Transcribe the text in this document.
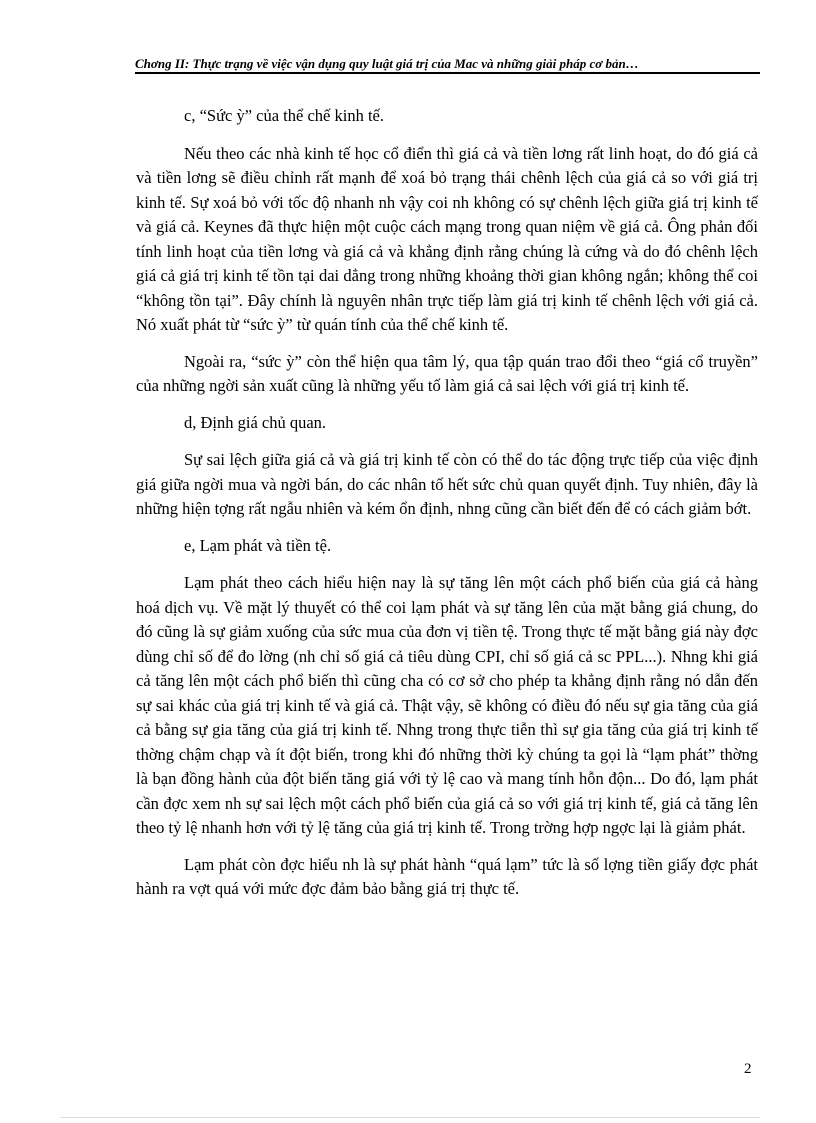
Chơng II: Thực trạng về việc vận dụng quy luật giá trị của Mac và những giải pháp cơ bản…

c, “Sức ỳ” của thể chế kinh tế.

Nếu theo các nhà kinh tế học cổ điển thì giá cả và tiền lơng rất linh hoạt, do đó giá cả và tiền lơng sẽ điều chỉnh rất mạnh để xoá bỏ trạng thái chênh lệch của giá cả so với giá trị kinh tế. Sự xoá bỏ với tốc độ nhanh nh vậy coi nh không có sự chênh lệch giữa giá trị kinh tế và giá cả. Keynes đã thực hiện một cuộc cách mạng trong quan niệm về giá cả. Ông phản đối tính linh hoạt của tiền lơng và giá cả và khẳng định rằng chúng là cứng và do đó chênh lệch giá cả giá trị kinh tế tồn tại dai dẳng trong những khoảng thời gian không ngắn; không thể coi “không tồn tại”. Đây chính là nguyên nhân trực tiếp làm giá trị kinh tế chênh lệch với giá cả. Nó xuất phát từ “sức ỳ” từ quán tính của thể chế kinh tế.

Ngoài ra, “sức ỳ” còn thể hiện qua tâm lý, qua tập quán trao đổi theo “giá cổ truyền” của những ngời sản xuất cũng là những yếu tố làm giá cả sai lệch với giá trị kinh tế.

d, Định giá chủ quan.

Sự sai lệch giữa giá cả và giá trị kinh tế còn có thể do tác động trực tiếp của việc định giá giữa ngời mua và ngời bán, do các nhân tố hết sức chủ quan quyết định. Tuy nhiên, đây là những hiện tợng rất ngẫu nhiên và kém ổn định, nhng cũng cần biết đến để có cách giảm bớt.

e, Lạm phát và tiền tệ.

Lạm phát theo cách hiểu hiện nay là sự tăng lên một cách phổ biến của giá cả hàng hoá dịch vụ. Về mặt lý thuyết có thể coi lạm phát và sự tăng lên của mặt bằng giá chung, do đó cũng là sự giảm xuống của sức mua của đơn vị tiền tệ. Trong thực tế mặt bằng giá này đợc dùng chỉ số để đo lờng (nh chỉ số giá cả tiêu dùng CPI, chỉ số giá cả sc PPL...). Nhng khi giá cả tăng lên một cách phổ biến thì cũng cha có cơ sở cho phép ta khẳng định rằng nó dẫn đến sự sai khác của giá trị kinh tế và giá cả. Thật vậy, sẽ không có điều đó nếu sự gia tăng của giá cả bằng sự gia tăng của giá trị kinh tế. Nhng trong thực tiễn thì sự gia tăng của giá trị kinh tế thờng chậm chạp và ít đột biến, trong khi đó những thời kỳ chúng ta gọi là “lạm phát” thờng là bạn đồng hành của đột biến tăng giá với tỷ lệ cao và mang tính hỗn độn... Do đó, lạm phát cần đợc xem nh sự sai lệch một cách phổ biến của giá cả so với giá trị kinh tế, giá cả tăng lên theo tỷ lệ nhanh hơn với tỷ lệ tăng của giá trị kinh tế. Trong trờng hợp ngợc lại là giảm phát.

Lạm phát còn đợc hiểu nh là sự phát hành “quá lạm” tức là số lợng tiền giấy đợc phát hành ra vợt quá với mức đợc đảm bảo bằng giá trị thực tế.

2
